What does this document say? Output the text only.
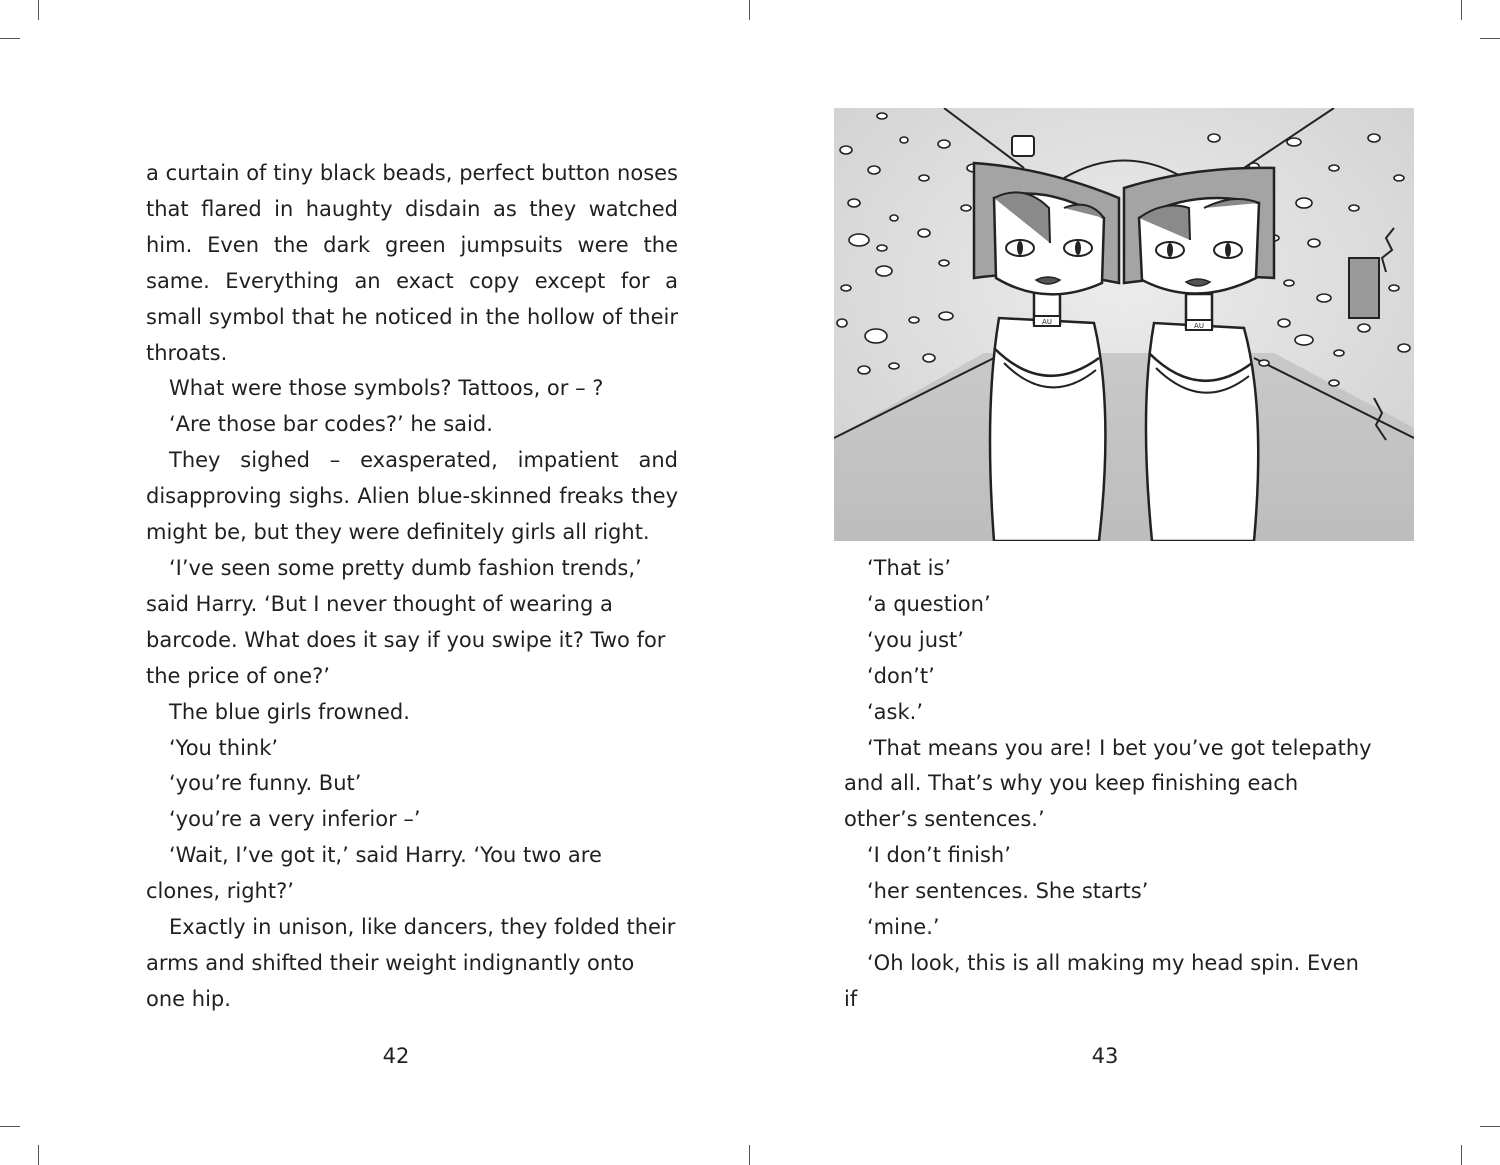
a curtain of tiny black beads, perfect button noses that flared in haughty disdain as they watched him. Even the dark green jumpsuits were the same. Everything an exact copy except for a small symbol that he noticed in the hollow of their throats.

What were those symbols? Tattoos, or – ?

‘Are those bar codes?’ he said.

They sighed – exasperated, impatient and disapproving sighs. Alien blue-skinned freaks they might be, but they were definitely girls all right.

‘I’ve seen some pretty dumb fashion trends,’ said Harry. ‘But I never thought of wearing a barcode. What does it say if you swipe it? Two for the price of one?’

The blue girls frowned.

‘You think’

‘you’re funny. But’

‘you’re a very inferior –’

‘Wait, I’ve got it,’ said Harry. ‘You two are clones, right?’

Exactly in unison, like dancers, they folded their arms and shifted their weight indignantly onto one hip.

42
AU	AU

‘That is’

‘a question’

‘you just’

‘don’t’

‘ask.’

‘That means you are! I bet you’ve got telepathy and all. That’s why you keep finishing each other’s sentences.’

‘I don’t finish’

‘her sentences. She starts’

‘mine.’

‘Oh look, this is all making my head spin. Even if

43
